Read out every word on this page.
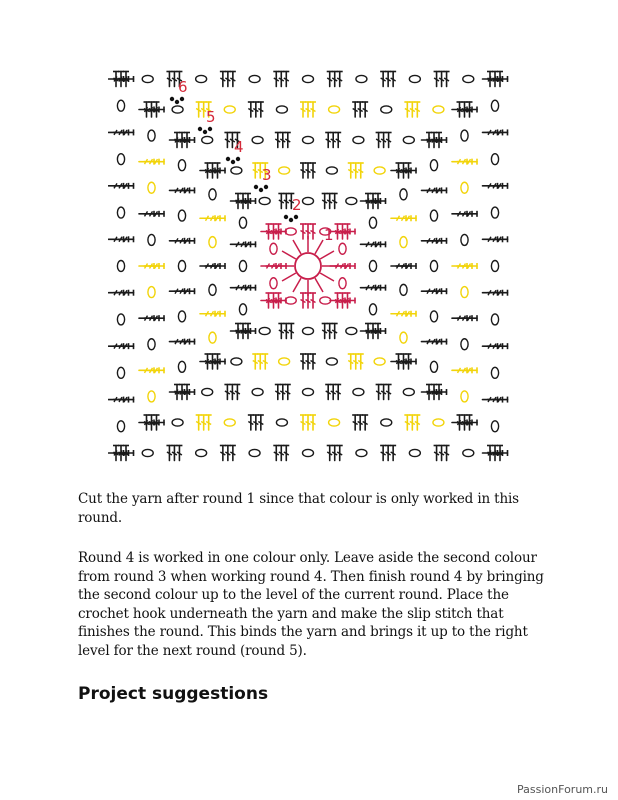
1
2
3
4
5
6

Cut the yarn after round 1 since that colour is only worked in this round.

Round 4 is worked in one colour only. Leave aside the second colour from round 3 when working round 4. Then finish round 4 by bringing the second colour up to the level of the current round. Place the crochet hook underneath the yarn and make the slip stitch that finishes the round. This binds the yarn and brings it up to the right level for the next round (round 5).

Project suggestions
PassionForum.ru
